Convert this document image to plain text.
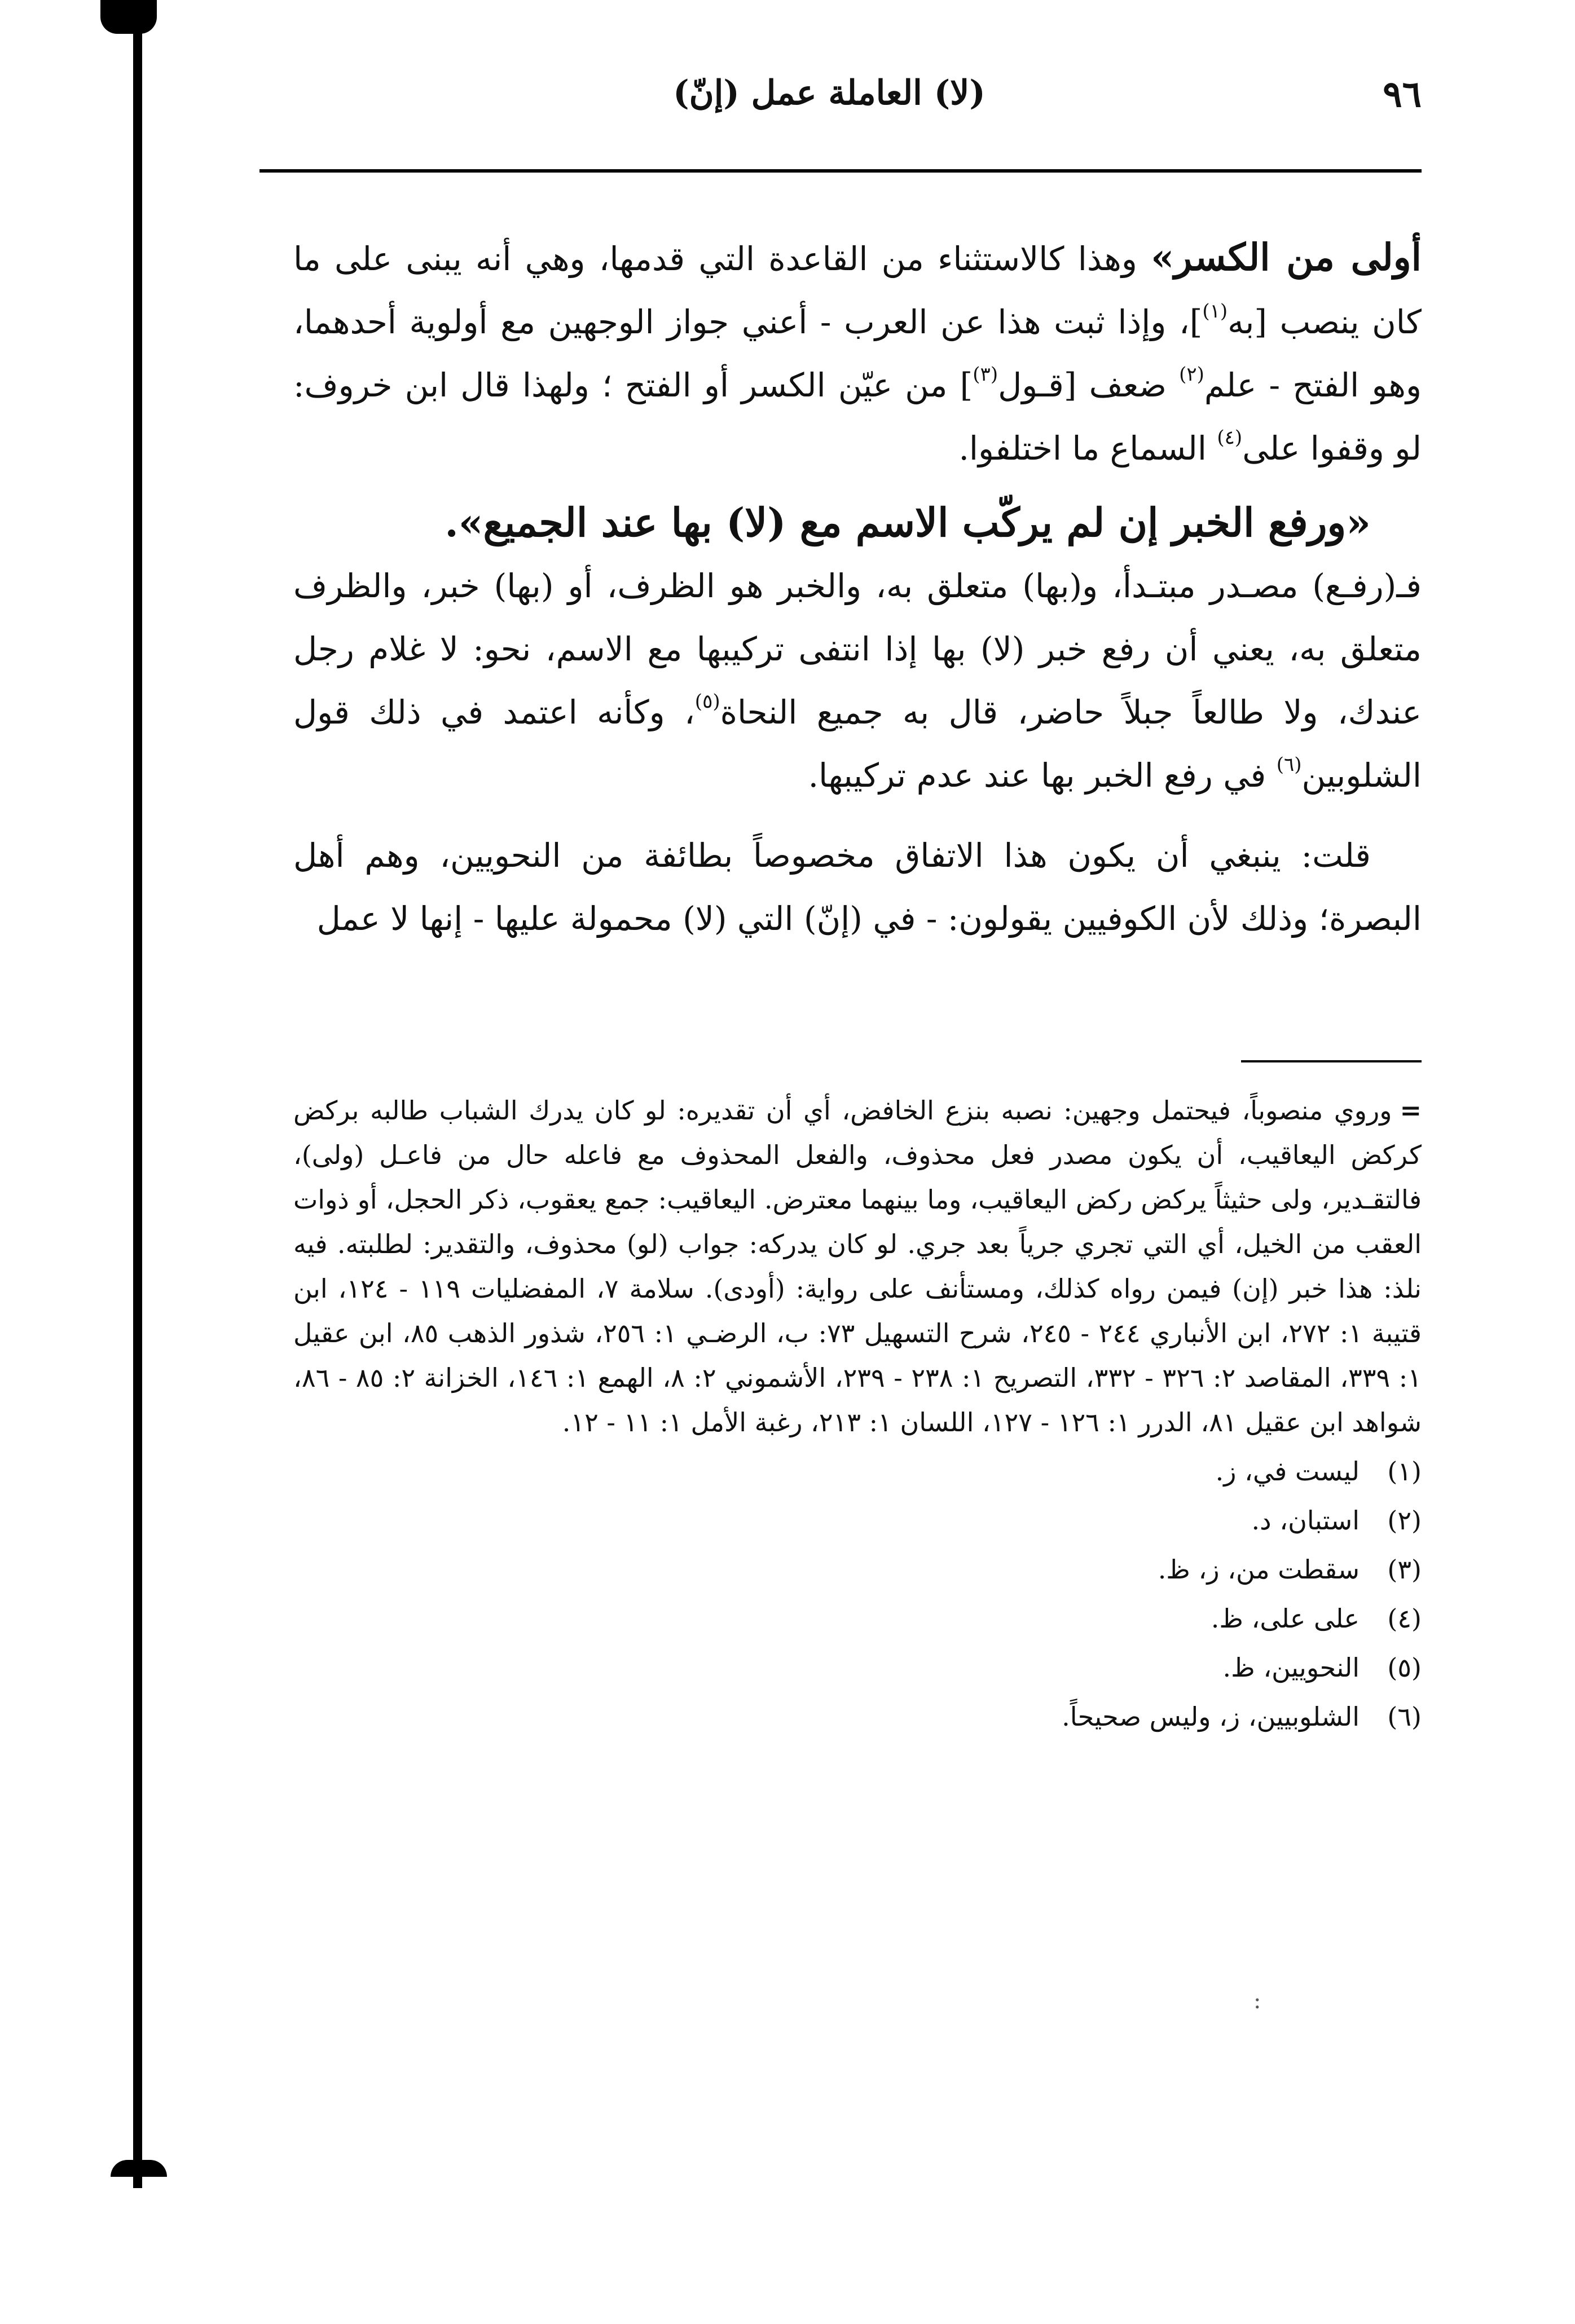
٩٦
(لا) العاملة عمل (إنّ)

أولى من الكسر» وهذا كالاستثناء من القاعدة التي قدمها، وهي أنه يبنى على ما كان ينصب [به$^{(١)}$]، وإذا ثبت هذا عن العرب - أعني جواز الوجهين مع أولوية أحدهما، وهو الفتح - علم$^{(٢)}$ ضعف [قـول$^{(٣)}$] من عيّن الكسر أو الفتح ؛ ولهذا قال ابن خروف: لو وقفوا على$^{(٤)}$ السماع ما اختلفوا.

«ورفع الخبر إن لم يركّب الاسم مع (لا) بها عند الجميع».

فـ(رفـع) مصـدر مبتـدأ، و(بها) متعلق به، والخبر هو الظرف، أو (بها) خبر، والظرف متعلق به، يعني أن رفع خبر (لا) بها إذا انتفى تركيبها مع الاسم، نحو: لا غلام رجل عندك، ولا طالعاً جبلاً حاضر، قال به جميع النحاة$^{(٥)}$، وكأنه اعتمد في ذلك قول الشلوبين$^{(٦)}$ في رفع الخبر بها عند عدم تركيبها.

قلت: ينبغي أن يكون هذا الاتفاق مخصوصاً بطائفة من النحويين، وهم أهل البصرة؛ وذلك لأن الكوفيين يقولون: - في (إنّ) التي (لا) محمولة عليها - إنها لا عمل

=وروي منصوباً، فيحتمل وجهين: نصبه بنزع الخافض، أي أن تقديره: لو كان يدرك الشباب طالبه بركض كركض اليعاقيب، أن يكون مصدر فعل محذوف، والفعل المحذوف مع فاعله حال من فاعـل (ولى)، فالتقـدير، ولى حثيثاً يركض ركض اليعاقيب، وما بينهما معترض. اليعاقيب: جمع يعقوب، ذكر الحجل، أو ذوات العقب من الخيل، أي التي تجري جرياً بعد جري. لو كان يدركه: جواب (لو) محذوف، والتقدير: لطلبته. فيه نلذ: هذا خبر (إن) فيمن رواه كذلك، ومستأنف على رواية: (أودى). سلامة ٧، المفضليات ١١٩ - ١٢٤، ابن قتيبة ١: ٢٧٢، ابن الأنباري ٢٤٤ - ٢٤٥، شرح التسهيل ٧٣: ب، الرضـي ١: ٢٥٦، شذور الذهب ٨٥، ابن عقيل ١: ٣٣٩، المقاصد ٢: ٣٢٦ - ٣٣٢، التصريح ١: ٢٣٨ - ٢٣٩، الأشموني ٢: ٨، الهمع ١: ١٤٦، الخزانة ٢: ٨٥ - ٨٦، شواهد ابن عقيل ٨١، الدرر ١: ١٢٦ - ١٢٧، اللسان ١: ٢١٣، رغبة الأمل ١: ١١ - ١٢.

(١)ليست في، ز.
(٢)استبان، د.
(٣)سقطت من، ز، ظ.
(٤)على على، ظ.
(٥)النحويين، ظ.
(٦)الشلوبيين، ز، وليس صحيحاً.
:
